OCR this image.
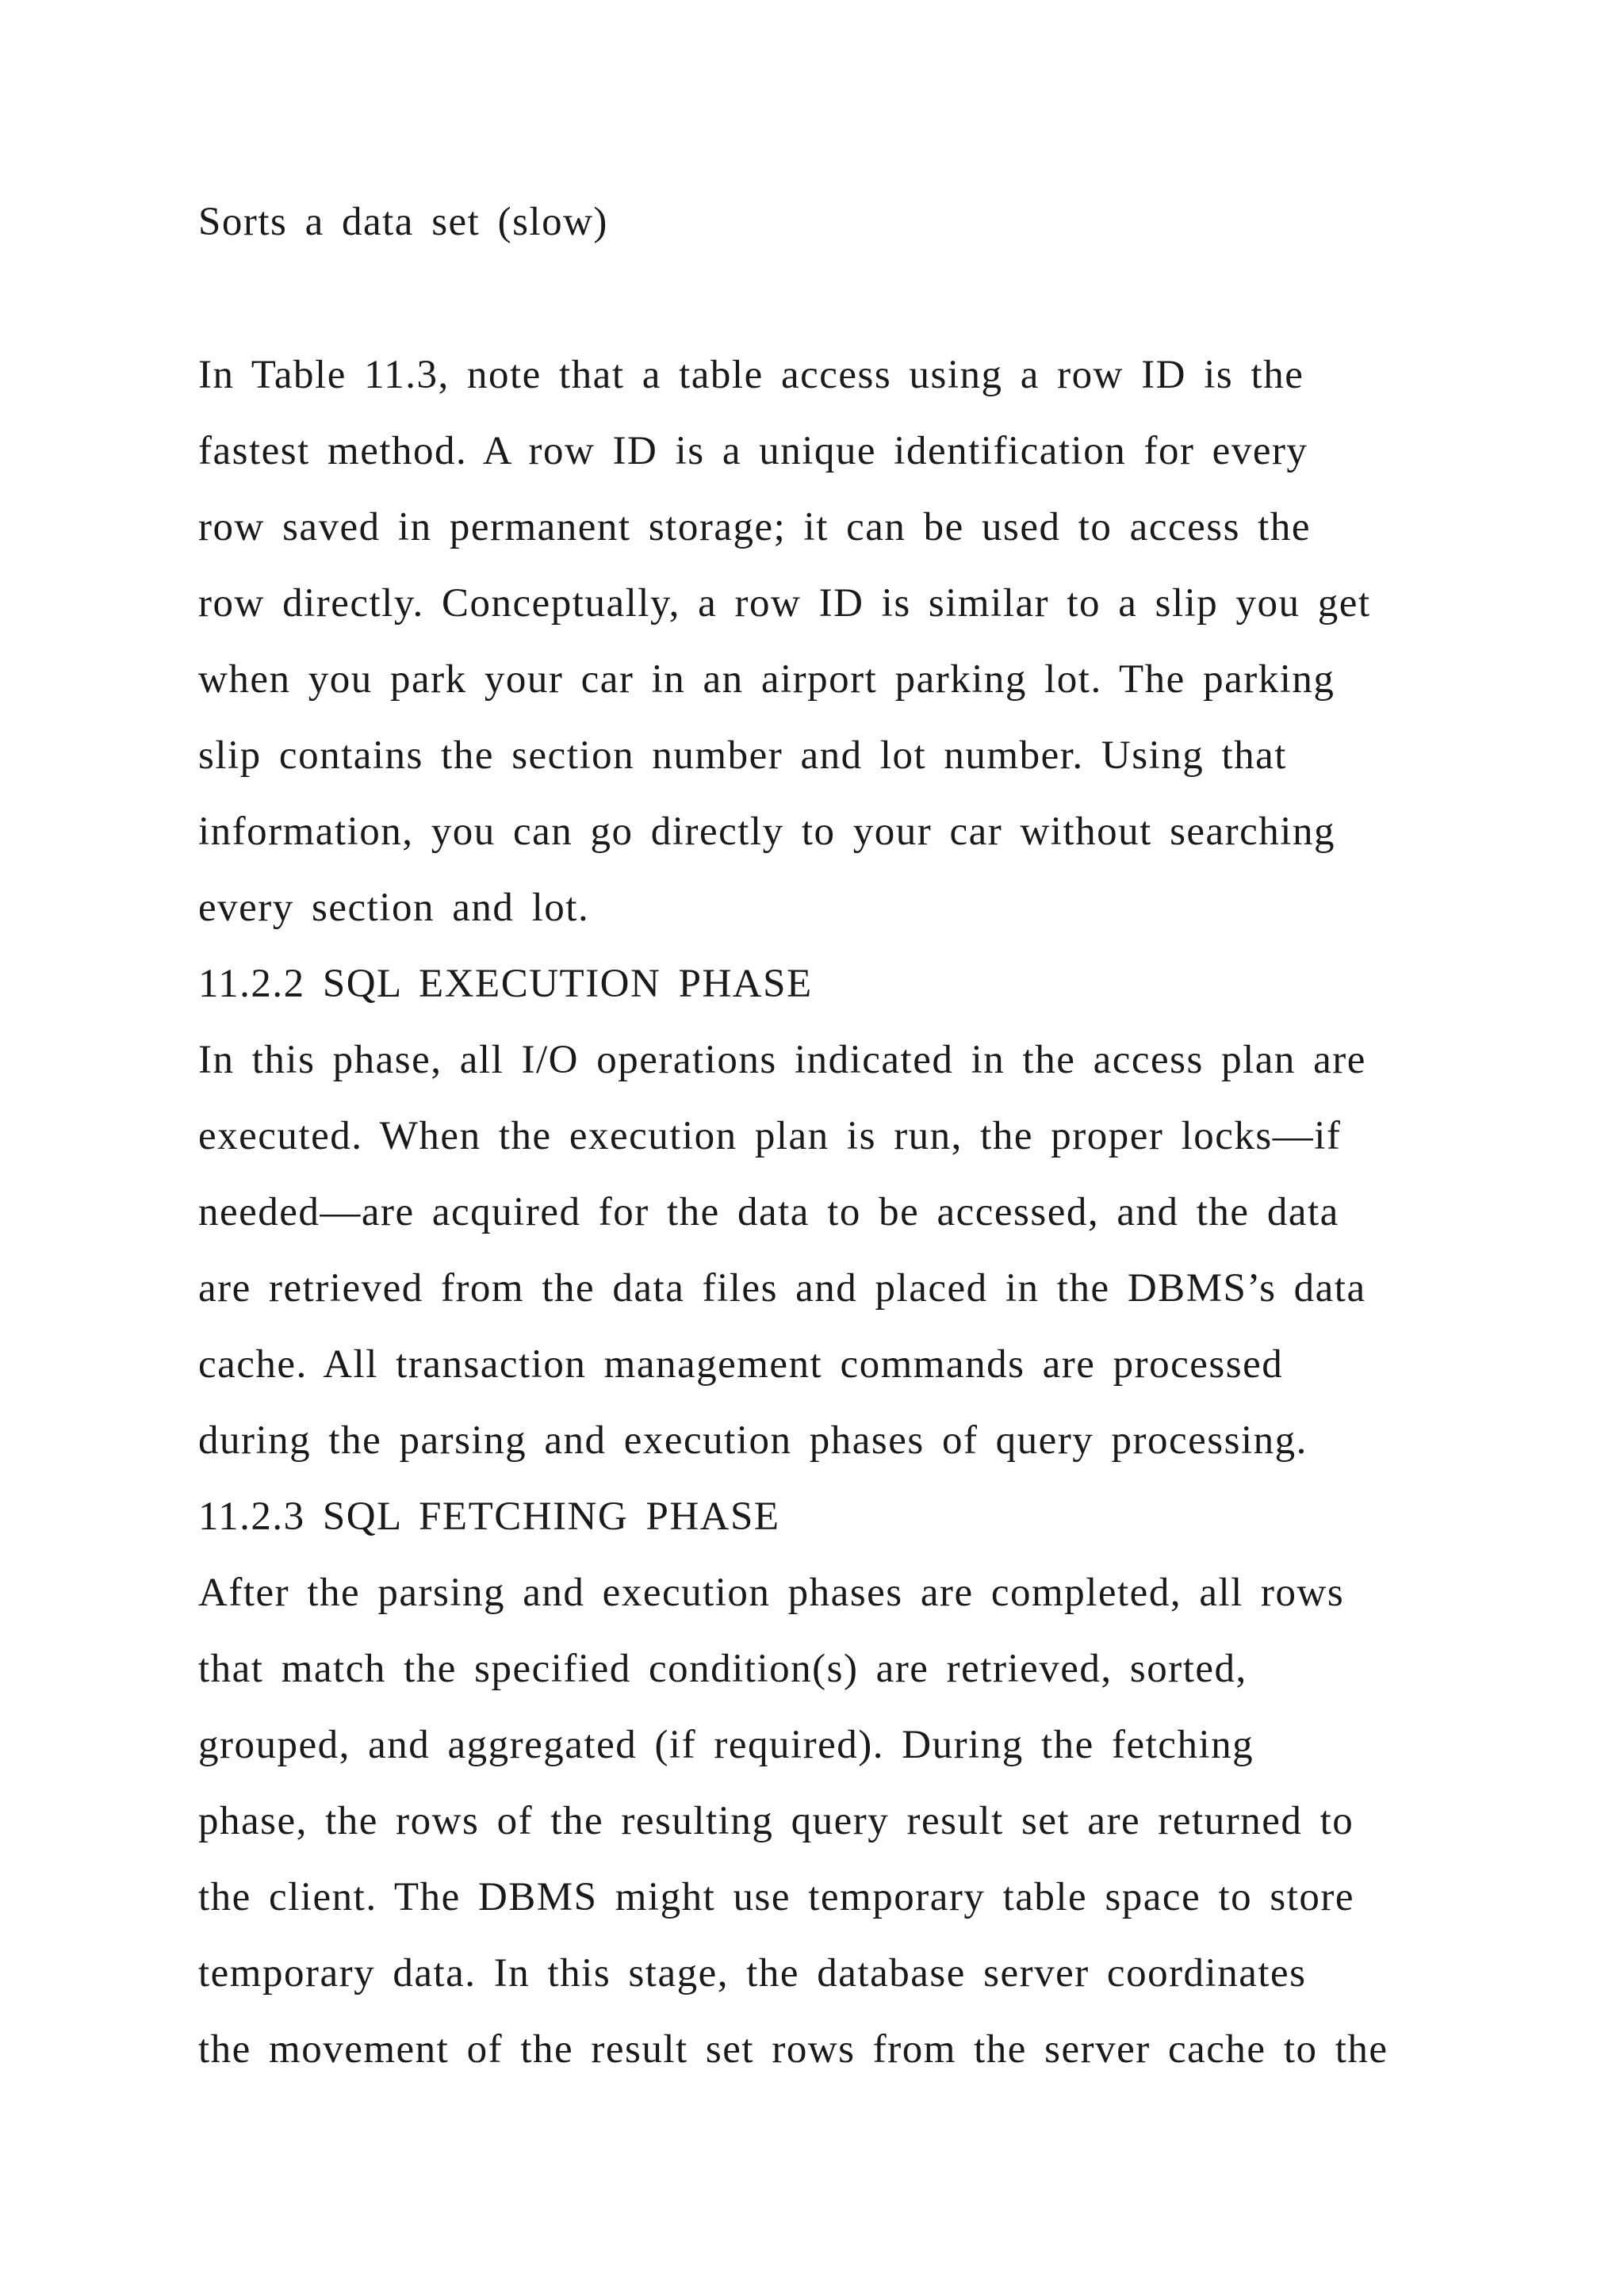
Sorts a data set (slow)
In Table 11.3, note that a table access using a row ID is the
fastest method. A row ID is a unique identification for every
row saved in permanent storage; it can be used to access the
row directly. Conceptually, a row ID is similar to a slip you get
when you park your car in an airport parking lot. The parking
slip contains the section number and lot number. Using that
information, you can go directly to your car without searching
every section and lot.
11.2.2 SQL EXECUTION PHASE
In this phase, all I/O operations indicated in the access plan are
executed. When the execution plan is run, the proper locks—if
needed—are acquired for the data to be accessed, and the data
are retrieved from the data files and placed in the DBMS’s data
cache. All transaction management commands are processed
during the parsing and execution phases of query processing.
11.2.3 SQL FETCHING PHASE
After the parsing and execution phases are completed, all rows
that match the specified condition(s) are retrieved, sorted,
grouped, and aggregated (if required). During the fetching
phase, the rows of the resulting query result set are returned to
the client. The DBMS might use temporary table space to store
temporary data. In this stage, the database server coordinates
the movement of the result set rows from the server cache to the
